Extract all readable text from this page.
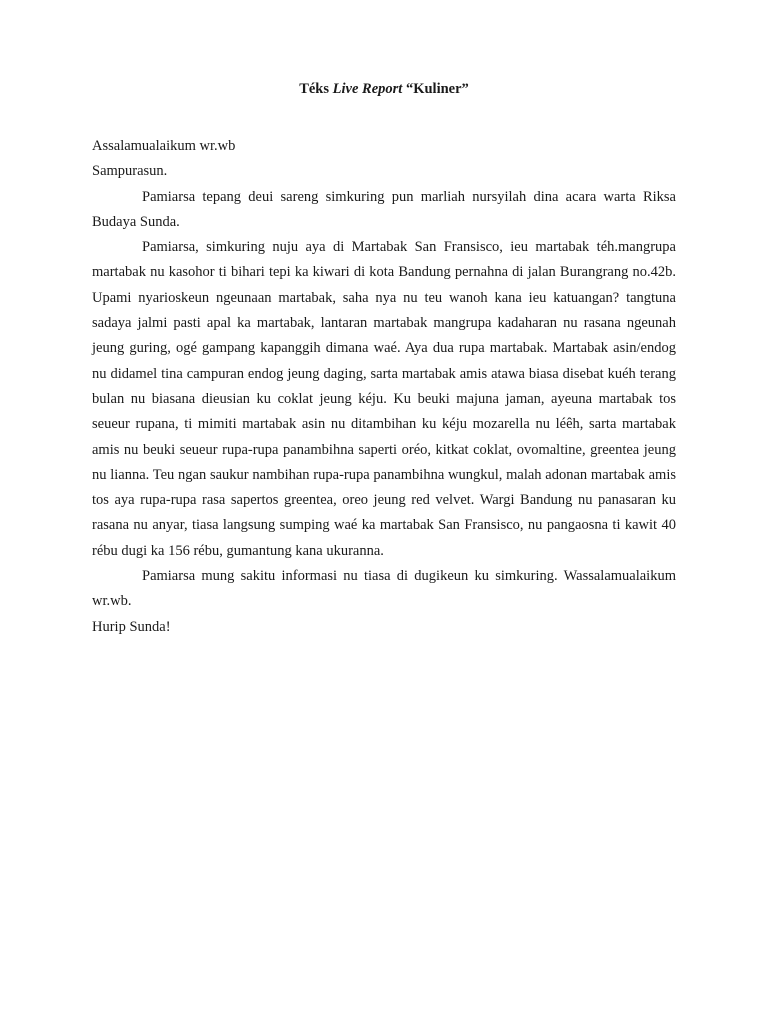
Téks Live Report “Kuliner”

Assalamualaikum wr.wb

Sampurasun.

Pamiarsa tepang deui sareng simkuring pun marliah nursyilah dina acara warta Riksa Budaya Sunda.

Pamiarsa, simkuring nuju aya di Martabak San Fransisco, ieu martabak téh.mangrupa martabak nu kasohor ti bihari tepi ka kiwari di kota Bandung pernahna di jalan Burangrang no.42b. Upami nyarioskeun ngeunaan martabak, saha nya nu teu wanoh kana ieu katuangan? tangtuna sadaya jalmi pasti apal ka martabak, lantaran martabak mangrupa kadaharan nu rasana ngeunah jeung guring, ogé gampang kapanggih dimana waé. Aya dua rupa martabak. Martabak asin/endog nu didamel tina campuran endog jeung daging, sarta martabak amis atawa biasa disebat kuéh terang bulan nu biasana dieusian ku coklat jeung kéju. Ku beuki majuna jaman, ayeuna martabak tos seueur rupana, ti mimiti martabak asin nu ditambihan ku kéju mozarella nu léêh, sarta martabak amis nu beuki seueur rupa-rupa panambihna saperti oréo, kitkat coklat, ovomaltine, greentea jeung nu lianna. Teu ngan saukur nambihan rupa-rupa panambihna wungkul, malah adonan martabak amis tos aya rupa-rupa rasa sapertos greentea, oreo jeung red velvet. Wargi Bandung nu panasaran ku rasana nu anyar, tiasa langsung sumping waé ka martabak San Fransisco, nu pangaosna ti kawit 40 rébu dugi ka 156 rébu, gumantung kana ukuranna.

Pamiarsa mung sakitu informasi nu tiasa di dugikeun ku simkuring. Wassalamualaikum wr.wb.

Hurip Sunda!
